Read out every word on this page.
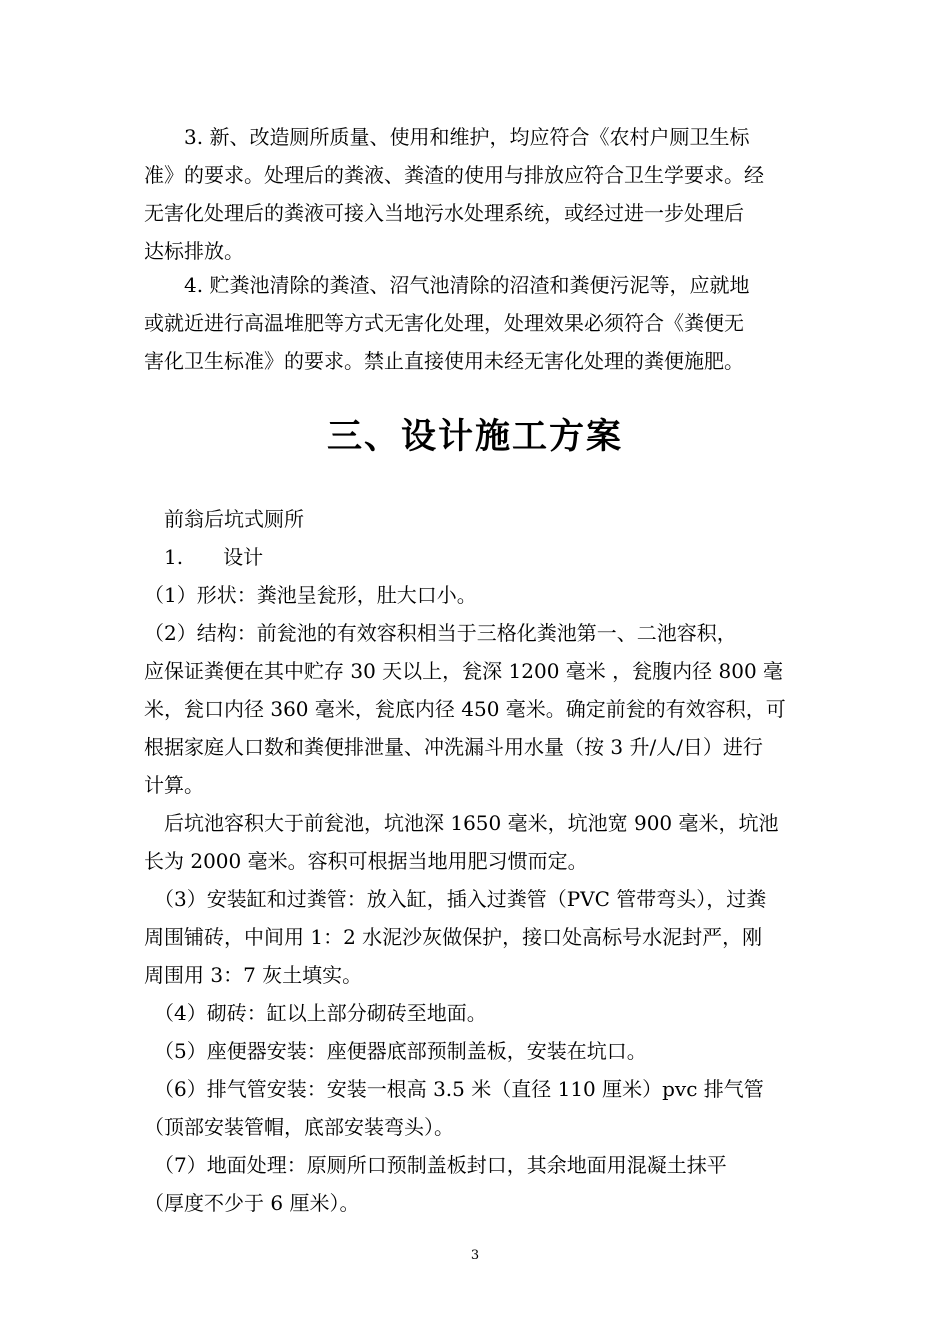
　　3. 新、改造厕所质量、使用和维护，均应符合《农村户厕卫生标
准》的要求。处理后的粪液、粪渣的使用与排放应符合卫生学要求。经
无害化处理后的粪液可接入当地污水处理系统，或经过进一步处理后
达标排放。
　　4. 贮粪池清除的粪渣、沼气池清除的沼渣和粪便污泥等，应就地
或就近进行高温堆肥等方式无害化处理，处理效果必须符合《粪便无
害化卫生标准》的要求。禁止直接使用未经无害化处理的粪便施肥。
三、设计施工方案
　前翁后坑式厕所
　1.　　设计
（1）形状：粪池呈瓮形，肚大口小。
（2）结构：前瓮池的有效容积相当于三格化粪池第一、二池容积，
应保证粪便在其中贮存 30 天以上，瓮深 1200 毫米 ，瓮腹内径 800 毫
米，瓮口内径 360 毫米，瓮底内径 450 毫米。确定前瓮的有效容积，可
根据家庭人口数和粪便排泄量、冲洗漏斗用水量（按 3 升/人/日）进行
计算。
　后坑池容积大于前瓮池，坑池深 1650 毫米，坑池宽 900 毫米，坑池
长为 2000 毫米。容积可根据当地用肥习惯而定。
　（3）安装缸和过粪管：放入缸，插入过粪管（PVC 管带弯头），过粪
周围铺砖，中间用 1：2 水泥沙灰做保护，接口处高标号水泥封严，刚
周围用 3：7 灰土填实。
　（4）砌砖：缸以上部分砌砖至地面。
　（5）座便器安装：座便器底部预制盖板，安装在坑口。
　（6）排气管安装：安装一根高 3.5 米（直径 110 厘米）pvc 排气管
（顶部安装管帽，底部安装弯头）。
　（7）地面处理：原厕所口预制盖板封口，其余地面用混凝土抹平
（厚度不少于 6 厘米）。
3
